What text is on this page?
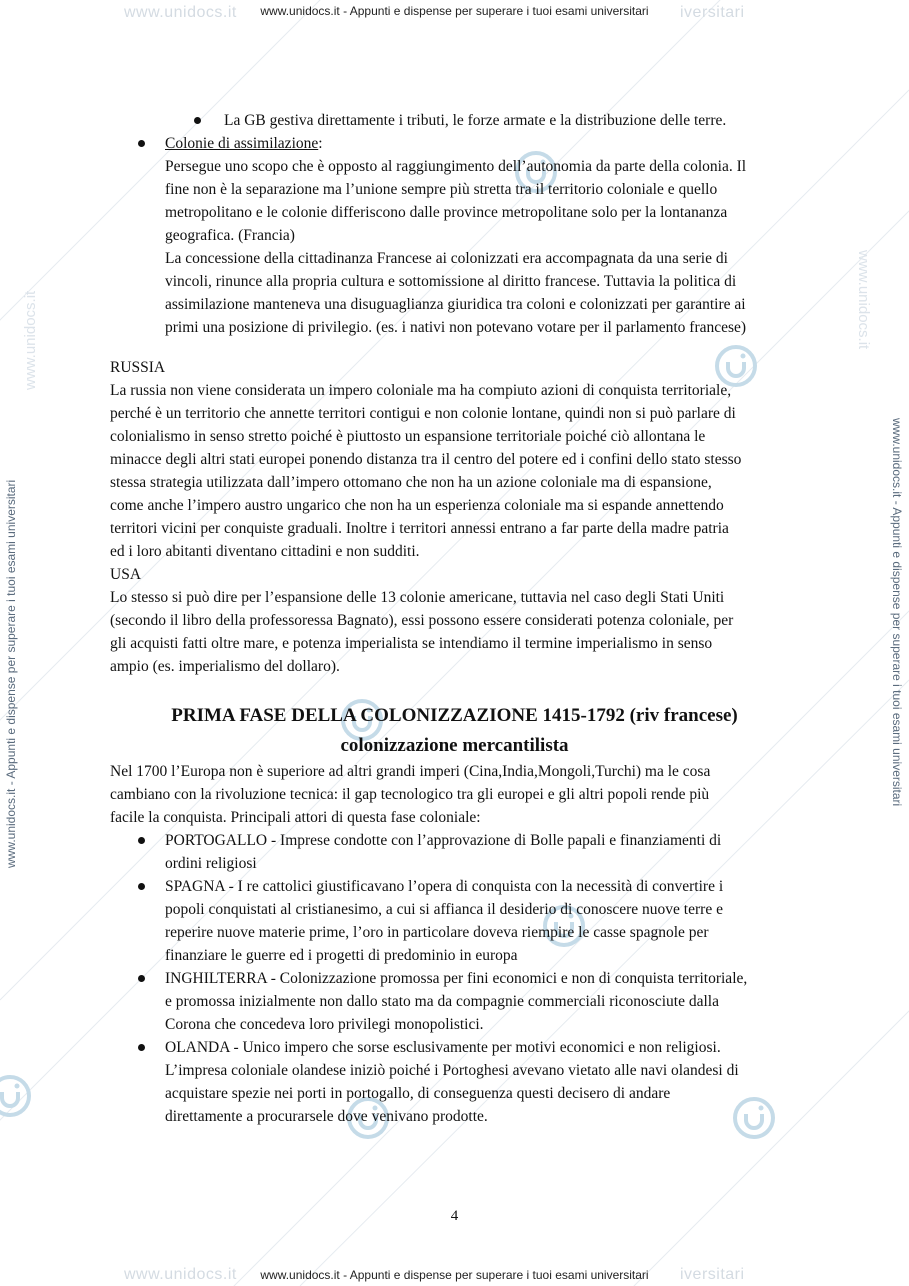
www.unidocs.it	iversitari
www.unidocs.it	iversitari
www.unidocs.it	www.unidocs.it
www.unidocs.it - Appunti e dispense per superare i tuoi esami universitari
www.unidocs.it - Appunti e dispense per superare i tuoi esami universitari
www.unidocs.it - Appunti e dispense per superare i tuoi esami universitari	www.unidocs.it - Appunti e dispense per superare i tuoi esami universitari
La GB gestiva direttamente i tributi, le forze armate e la distribuzione delle terre.
Colonie di assimilazione:
Persegue uno scopo che è opposto al raggiungimento dell’autonomia da parte della colonia. Il
fine non è la separazione ma l’unione sempre più stretta tra il territorio coloniale e quello
metropolitano e le colonie differiscono dalle province metropolitane solo per la lontananza
geografica. (Francia)
La concessione della cittadinanza Francese ai colonizzati era accompagnata da una serie di
vincoli, rinunce alla propria cultura e sottomissione al diritto francese. Tuttavia la politica di
assimilazione manteneva una disuguaglianza giuridica tra coloni e colonizzati per garantire ai
primi una posizione di privilegio. (es. i nativi non potevano votare per il parlamento francese)
RUSSIA
La russia non viene considerata un impero coloniale ma ha compiuto azioni di conquista territoriale,
perché è un territorio che annette territori contigui e non colonie lontane, quindi non si può parlare di
colonialismo in senso stretto poiché è piuttosto un espansione territoriale poiché ciò allontana le
minacce degli altri stati europei ponendo distanza tra il centro del potere ed i confini dello stato stesso
stessa strategia utilizzata dall’impero ottomano che non ha un azione coloniale ma di espansione,
come anche l’impero austro ungarico che non ha un esperienza coloniale ma si espande annettendo
territori vicini per conquiste graduali. Inoltre i territori annessi entrano a far parte della madre patria
ed i loro abitanti diventano cittadini e non sudditi.
USA
Lo stesso si può dire per l’espansione delle 13 colonie americane, tuttavia nel caso degli Stati Uniti
(secondo il libro della professoressa Bagnato), essi possono essere considerati potenza coloniale, per
gli acquisti fatti oltre mare, e potenza imperialista se intendiamo il termine imperialismo in senso
ampio (es. imperialismo del dollaro).
PRIMA FASE DELLA COLONIZZAZIONE 1415-1792 (riv francese)
colonizzazione mercantilista
Nel 1700 l’Europa non è superiore ad altri grandi imperi (Cina,India,Mongoli,Turchi) ma le cosa
cambiano con la rivoluzione tecnica: il gap tecnologico tra gli europei e gli altri popoli rende più
facile la conquista. Principali attori di questa fase coloniale:
PORTOGALLO - Imprese condotte con l’approvazione di Bolle papali e finanziamenti di
ordini religiosi
SPAGNA - I re cattolici giustificavano l’opera di conquista con la necessità di convertire i
popoli conquistati al cristianesimo, a cui si affianca il desiderio di conoscere nuove terre e
reperire nuove materie prime, l’oro in particolare doveva riempire le casse spagnole per
finanziare le guerre ed i progetti di predominio in europa
INGHILTERRA - Colonizzazione promossa per fini economici e non di conquista territoriale,
e promossa inizialmente non dallo stato ma da compagnie commerciali riconosciute dalla
Corona che concedeva loro privilegi monopolistici.
OLANDA - Unico impero che sorse esclusivamente per motivi economici e non religiosi.
L’impresa coloniale olandese iniziò poiché i Portoghesi avevano vietato alle navi olandesi di
acquistare spezie nei porti in portogallo, di conseguenza questi decisero di andare
direttamente a procurarsele dove venivano prodotte.
4
